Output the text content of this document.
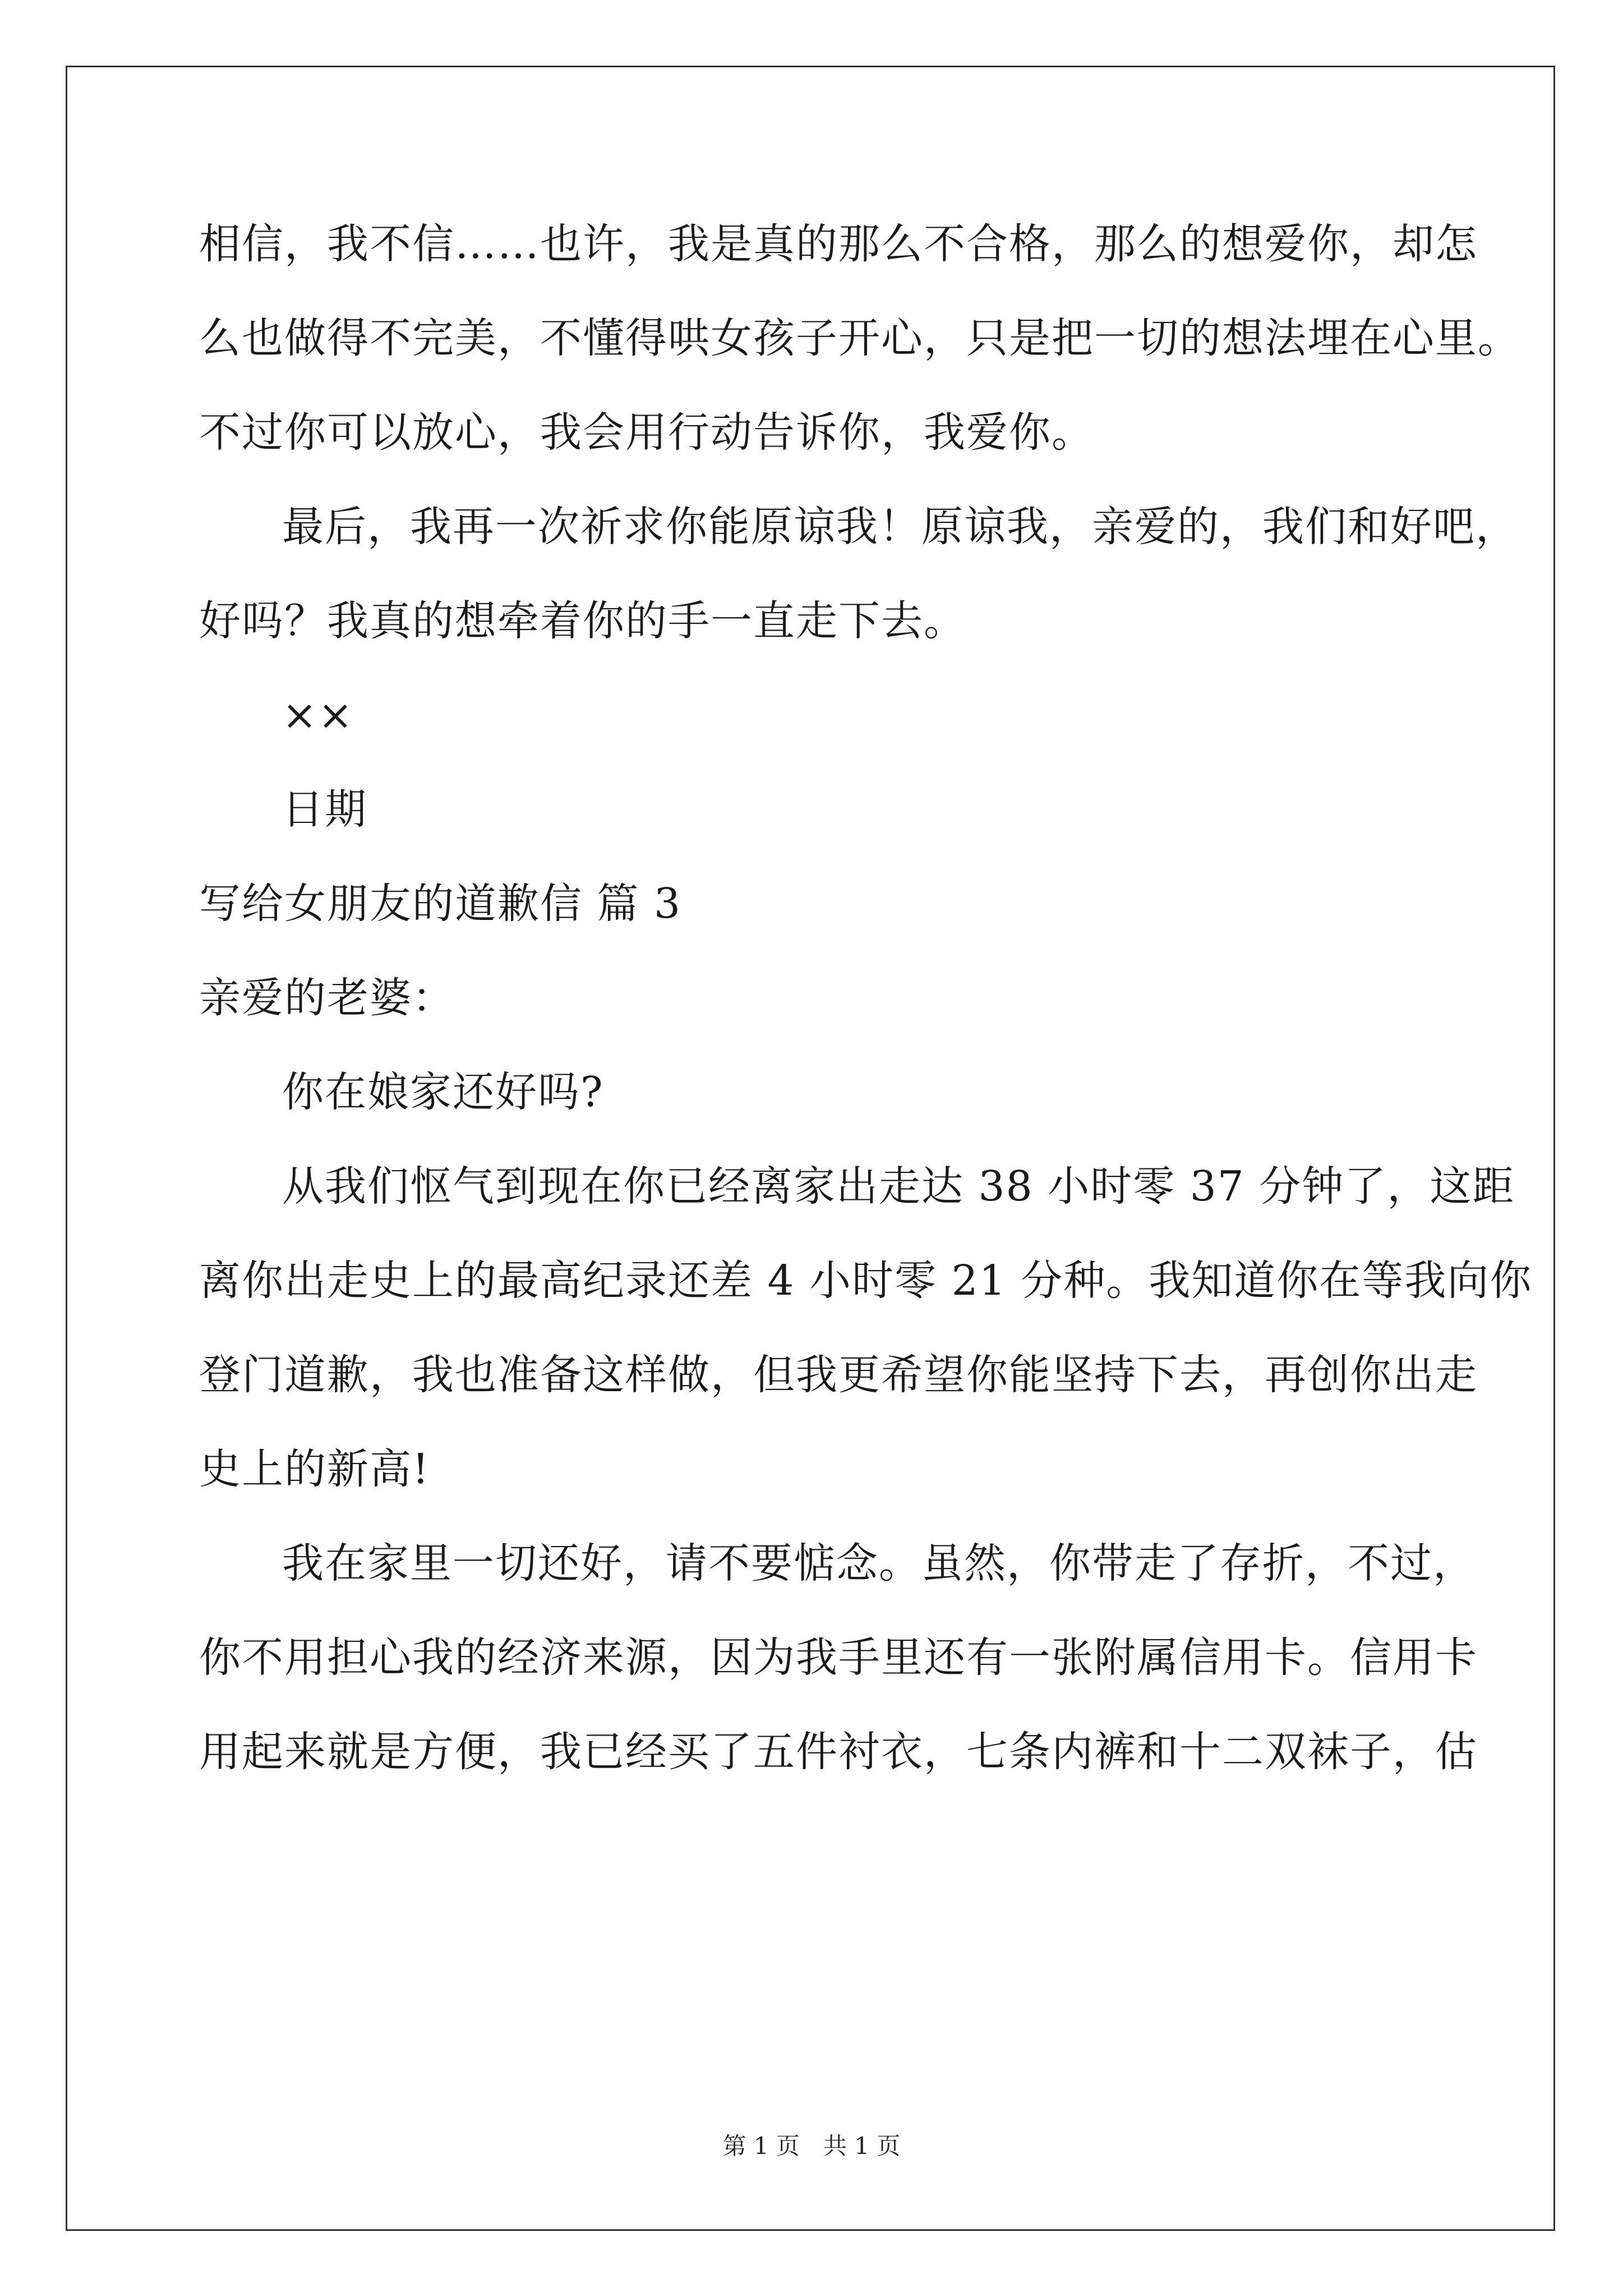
相信，我不信……也许，我是真的那么不合格，那么的想爱你，却怎
么也做得不完美，不懂得哄女孩子开心，只是把一切的想法埋在心里。
不过你可以放心，我会用行动告诉你，我爱你。
最后，我再一次祈求你能原谅我！原谅我，亲爱的，我们和好吧，
好吗？我真的想牵着你的手一直走下去。
××
日期
写给女朋友的道歉信 篇 3
亲爱的老婆：
你在娘家还好吗?
从我们怄气到现在你已经离家出走达 38 小时零 37 分钟了，这距
离你出走史上的最高纪录还差 4 小时零 21 分种。我知道你在等我向你
登门道歉，我也准备这样做，但我更希望你能坚持下去，再创你出走
史上的新高!
我在家里一切还好，请不要惦念。虽然，你带走了存折，不过，
你不用担心我的经济来源，因为我手里还有一张附属信用卡。信用卡
用起来就是方便，我已经买了五件衬衣，七条内裤和十二双袜子，估
第 1 页　共 1 页
